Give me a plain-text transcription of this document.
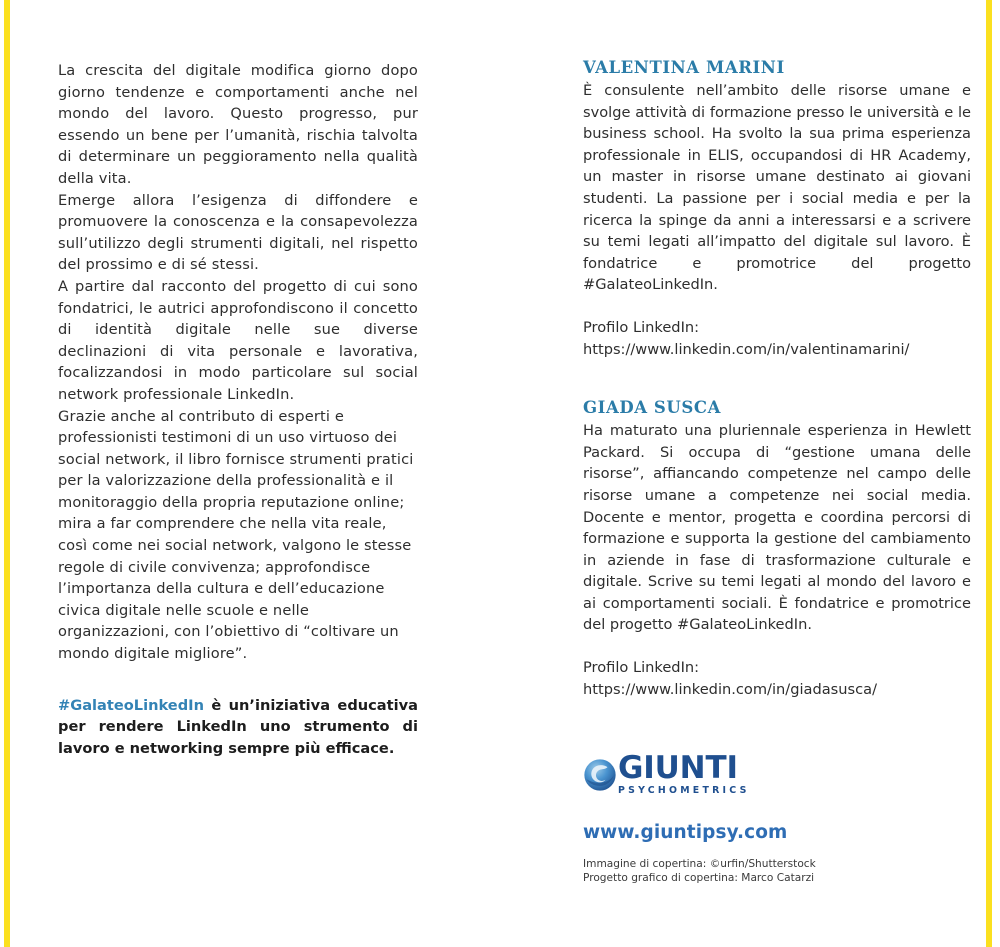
La crescita del digitale modifica giorno dopo giorno tendenze e comportamenti anche nel mondo del lavoro. Questo progresso, pur essendo un bene per l’umanità, rischia talvolta di determinare un peggioramento nella qualità della vita.

Emerge allora l’esigenza di diffondere e promuovere la conoscenza e la consapevolezza sull’utilizzo degli strumenti digitali, nel rispetto del prossimo e di sé stessi.

A partire dal racconto del progetto di cui sono fondatrici, le autrici approfondiscono il concetto di identità digitale nelle sue diverse declinazioni di vita personale e lavorativa, focalizzandosi in modo particolare sul social network professionale LinkedIn.

Grazie anche al contributo di esperti e professionisti testimoni di un uso virtuoso dei social network, il libro fornisce strumenti pratici per la valorizzazione della professionalità e il monitoraggio della propria reputazione online; mira a far comprendere che nella vita reale, così come nei social network, valgono le stesse regole di civile convivenza; approfondisce l’importanza della cultura e dell’educazione civica digitale nelle scuole e nelle organizzazioni, con l’obiettivo di “coltivare un mondo digitale migliore”.

#GalateoLinkedIn è un’iniziativa educativa per rendere LinkedIn uno strumento di lavoro e networking sempre più efficace.

VALENTINA MARINI

È consulente nell’ambito delle risorse umane e svolge attività di formazione presso le università e le business school. Ha svolto la sua prima esperienza professionale in ELIS, occupandosi di HR Academy, un master in risorse umane destinato ai giovani studenti. La passione per i social media e per la ricerca la spinge da anni a interessarsi e a scrivere su temi legati all’impatto del digitale sul lavoro. È fondatrice e promotrice del progetto #GalateoLinkedIn.

Profilo LinkedIn:
https://www.linkedin.com/in/valentinamarini/
GIADA SUSCA

Ha maturato una pluriennale esperienza in Hewlett Packard. Si occupa di “gestione umana delle risorse”, affiancando competenze nel campo delle risorse umane a competenze nei social media. Docente e mentor, progetta e coordina percorsi di formazione e supporta la gestione del cambiamento in aziende in fase di trasformazione culturale e digitale. Scrive su temi legati al mondo del lavoro e ai comportamenti sociali. È fondatrice e promotrice del progetto #GalateoLinkedIn.

Profilo LinkedIn:
https://www.linkedin.com/in/giadasusca/
GIUNTI
PSYCHOMETRICS
www.giuntipsy.com
Immagine di copertina: ©urfin/Shutterstock
Progetto grafico di copertina: Marco Catarzi
